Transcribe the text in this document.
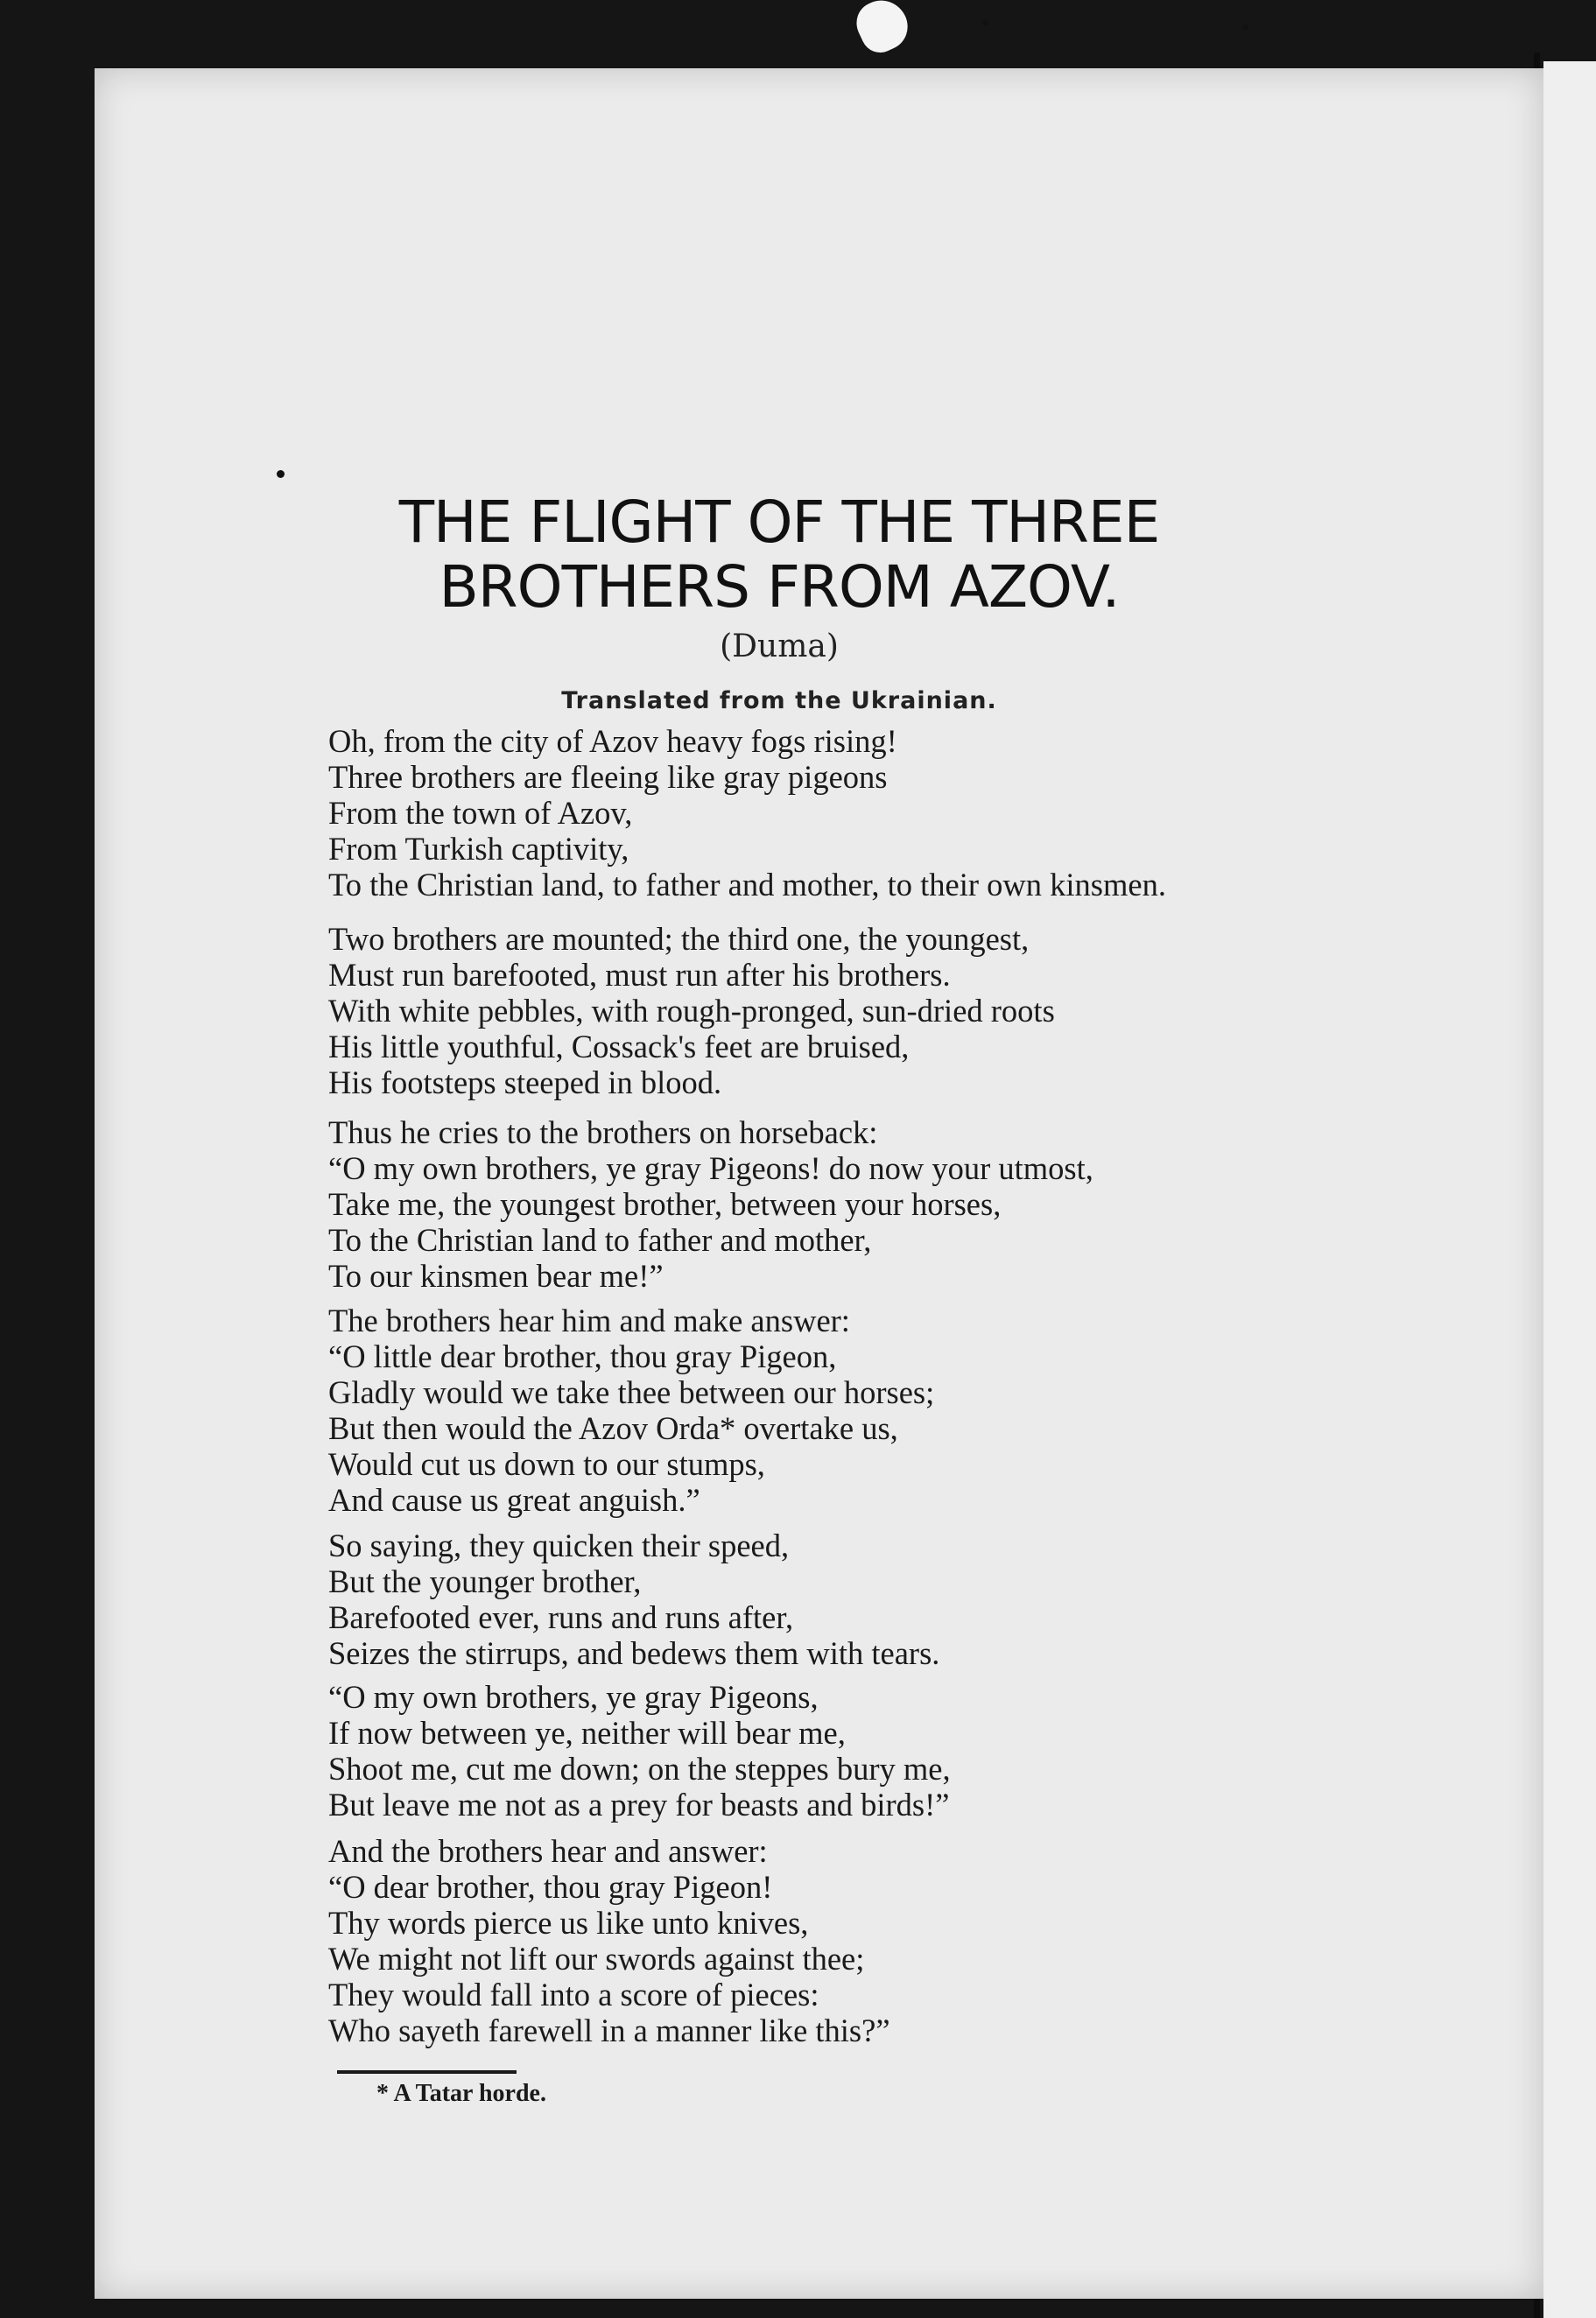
THE FLIGHT OF THE THREE
BROTHERS FROM AZOV.
(Duma)
Translated from the Ukrainian.
Oh, from the city of Azov heavy fogs rising!
Three brothers are fleeing like gray pigeons
From the town of Azov,
From Turkish captivity,
To the Christian land, to father and mother, to their own kinsmen.
Two brothers are mounted; the third one, the youngest,
Must run barefooted, must run after his brothers.
With white pebbles, with rough-pronged, sun-dried roots
His little youthful, Cossack's feet are bruised,
His footsteps steeped in blood.
Thus he cries to the brothers on horseback:
“O my own brothers, ye gray Pigeons! do now your utmost,
Take me, the youngest brother, between your horses,
To the Christian land to father and mother,
To our kinsmen bear me!”
The brothers hear him and make answer:
“O little dear brother, thou gray Pigeon,
Gladly would we take thee between our horses;
But then would the Azov Orda* overtake us,
Would cut us down to our stumps,
And cause us great anguish.”
So saying, they quicken their speed,
But the younger brother,
Barefooted ever, runs and runs after,
Seizes the stirrups, and bedews them with tears.
“O my own brothers, ye gray Pigeons,
If now between ye, neither will bear me,
Shoot me, cut me down; on the steppes bury me,
But leave me not as a prey for beasts and birds!”
And the brothers hear and answer:
“O dear brother, thou gray Pigeon!
Thy words pierce us like unto knives,
We might not lift our swords against thee;
They would fall into a score of pieces:
Who sayeth farewell in a manner like this?”
* A Tatar horde.
